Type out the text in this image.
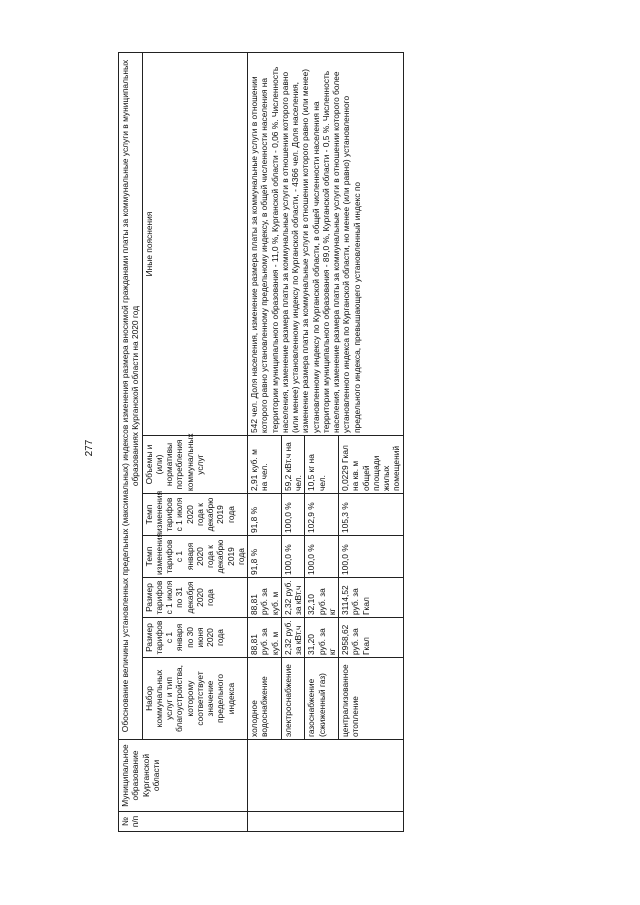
277
№ п/п	Муниципальное образование Курганской области	Обоснование величины установленных предельных (максимальных) индексов изменения размера вносимой гражданами платы за коммунальные услуги в муниципальных образованиях Курганской области на 2020 год						
		Набор коммунальных услуг и тип благоустройства, которому соответствует значение предельного индекса	Размер тарифов с 1 января по 30 июня 2020 года	Размер тарифов с 1 июля по 31 декабря 2020 года	Темп изменения тарифов с 1 января 2020 года к декабрю 2019 года	Темп изменения тарифов с 1 июля 2020 года к декабрю 2019 года	Объемы и (или) нормативы потребления коммунальных услуг	Иные пояснения
		холодное водоснабжение	88,81 руб. за куб. м	88,81 руб. за куб. м	91,8 %	91,8 %	2,91 куб. м на чел.	542 чел. Доля населения, изменение размера платы за коммунальные услуги в отношении которого равно установленному предельному индексу, в общей численности населения на территории муниципального образования - 11,0 %, Курганской области - 0,06 %. Численность населения, изменение размера платы за коммунальные услуги в отношении которого равно (или менее) установленному индексу по Курганской области, - 4366 чел. Доля населения, изменение размера платы за коммунальные услуги в отношении которого равно (или менее) установленному индексу по Курганской области, в общей численности населения на территории муниципального образования - 89,0 %, Курганской области - 0,5 %. Численность населения, изменение размера платы за коммунальные услуги в отношении которого более установленного индекса по Курганской области, но менее (или равно) установленного предельного индекса, превышающего установленный индекс по
		электроснабжение	2,32 руб. за кВт.ч	2,32 руб. за кВт.ч	100,0 %	100,0 %	59,2 кВт.ч на чел.	
		газоснабжение (сжиженный газ)	31,20 руб. за кг	32,10 руб. за кг	100,0 %	102,9 %	10,5 кг на чел.	
		централизованное отопление	2958,62 руб. за Гкал	3114,52 руб. за Гкал	100,0 %	105,3 %	0,0229 Гкал на кв. м общей площади жилых помещений	
